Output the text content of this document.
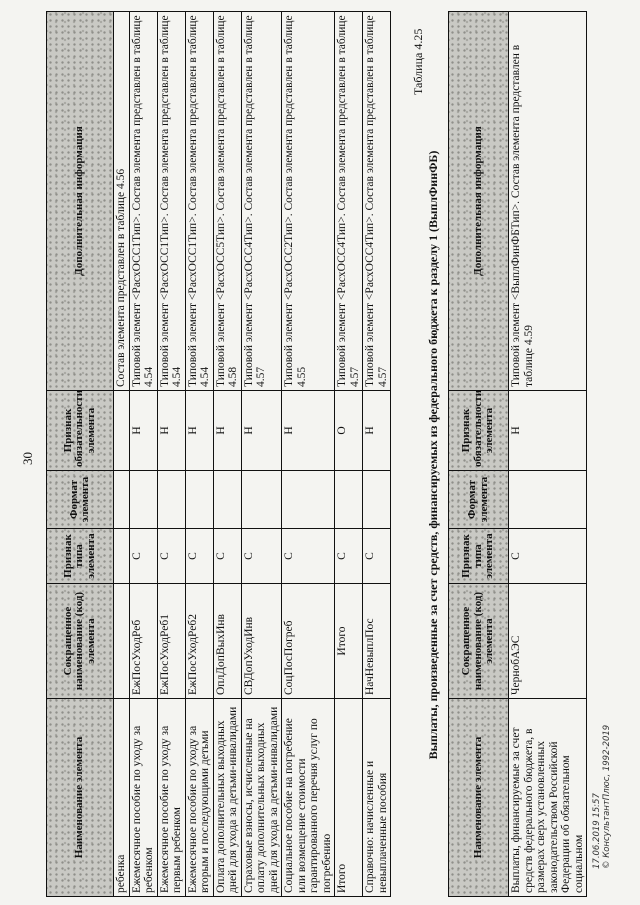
30
Наименование элемента	Сокращенное наименование (код) элемента	Признак типа элемента	Формат элемента	Признак обязательности элемента	Дополнительная информация
ребенка					Состав элемента представлен в таблице 4.56
Ежемесячное пособие по уходу за ребенком	ЕжПосУходРеб	С		Н	Типовой элемент <РасхОСС1Тип>. Состав элемента представлен в таблице 4.54
Ежемесячное пособие по уходу за первым ребенком	ЕжПосУходРеб1	С		Н	Типовой элемент <РасхОСС1Тип>. Состав элемента представлен в таблице 4.54
Ежемесячное пособие по уходу за вторым и последующими детьми	ЕжПосУходРеб2	С		Н	Типовой элемент <РасхОСС1Тип>. Состав элемента представлен в таблице 4.54
Оплата дополнительных выходных дней для ухода за детьми-инвалидами	ОплДопВыхИнв	С		Н	Типовой элемент <РасхОСС5Тип>. Состав элемента представлен в таблице 4.58
Страховые взносы, исчисленные на оплату дополнительных выходных дней для ухода за детьми-инвалидами	СВДопУходИнв	С		Н	Типовой элемент <РасхОСС4Тип>. Состав элемента представлен в таблице 4.57
Социальное пособие на погребение или возмещение стоимости гарантированного перечня услуг по погребению	СоцПосПогреб	С		Н	Типовой элемент <РасхОСС2Тип>. Состав элемента представлен в таблице 4.55
Итого	Итого	С		О	Типовой элемент <РасхОСС4Тип>. Состав элемента представлен в таблице 4.57
Справочно: начисленные и невыплаченные пособия	НачНевыплПос	С		Н	Типовой элемент <РасхОСС4Тип>. Состав элемента представлен в таблице 4.57
Таблица 4.25
Выплаты, произведенные за счет средств, финансируемых из федерального бюджета к разделу 1 (ВыплФинФБ)
Наименование элемента	Сокращенное наименование (код) элемента	Признак типа элемента	Формат элемента	Признак обязательности элемента	Дополнительная информация
Выплаты, финансируемые за счет средств федерального бюджета, в размерах сверх установленных законодательством Российской Федерации об обязательном социальном	ЧернобАЭС	С		Н	Типовой элемент <ВыплФинФБТип>. Состав элемента представлен в таблице 4.59
17.06.2019 15:57 © КонсультантПлюс, 1992-2019
